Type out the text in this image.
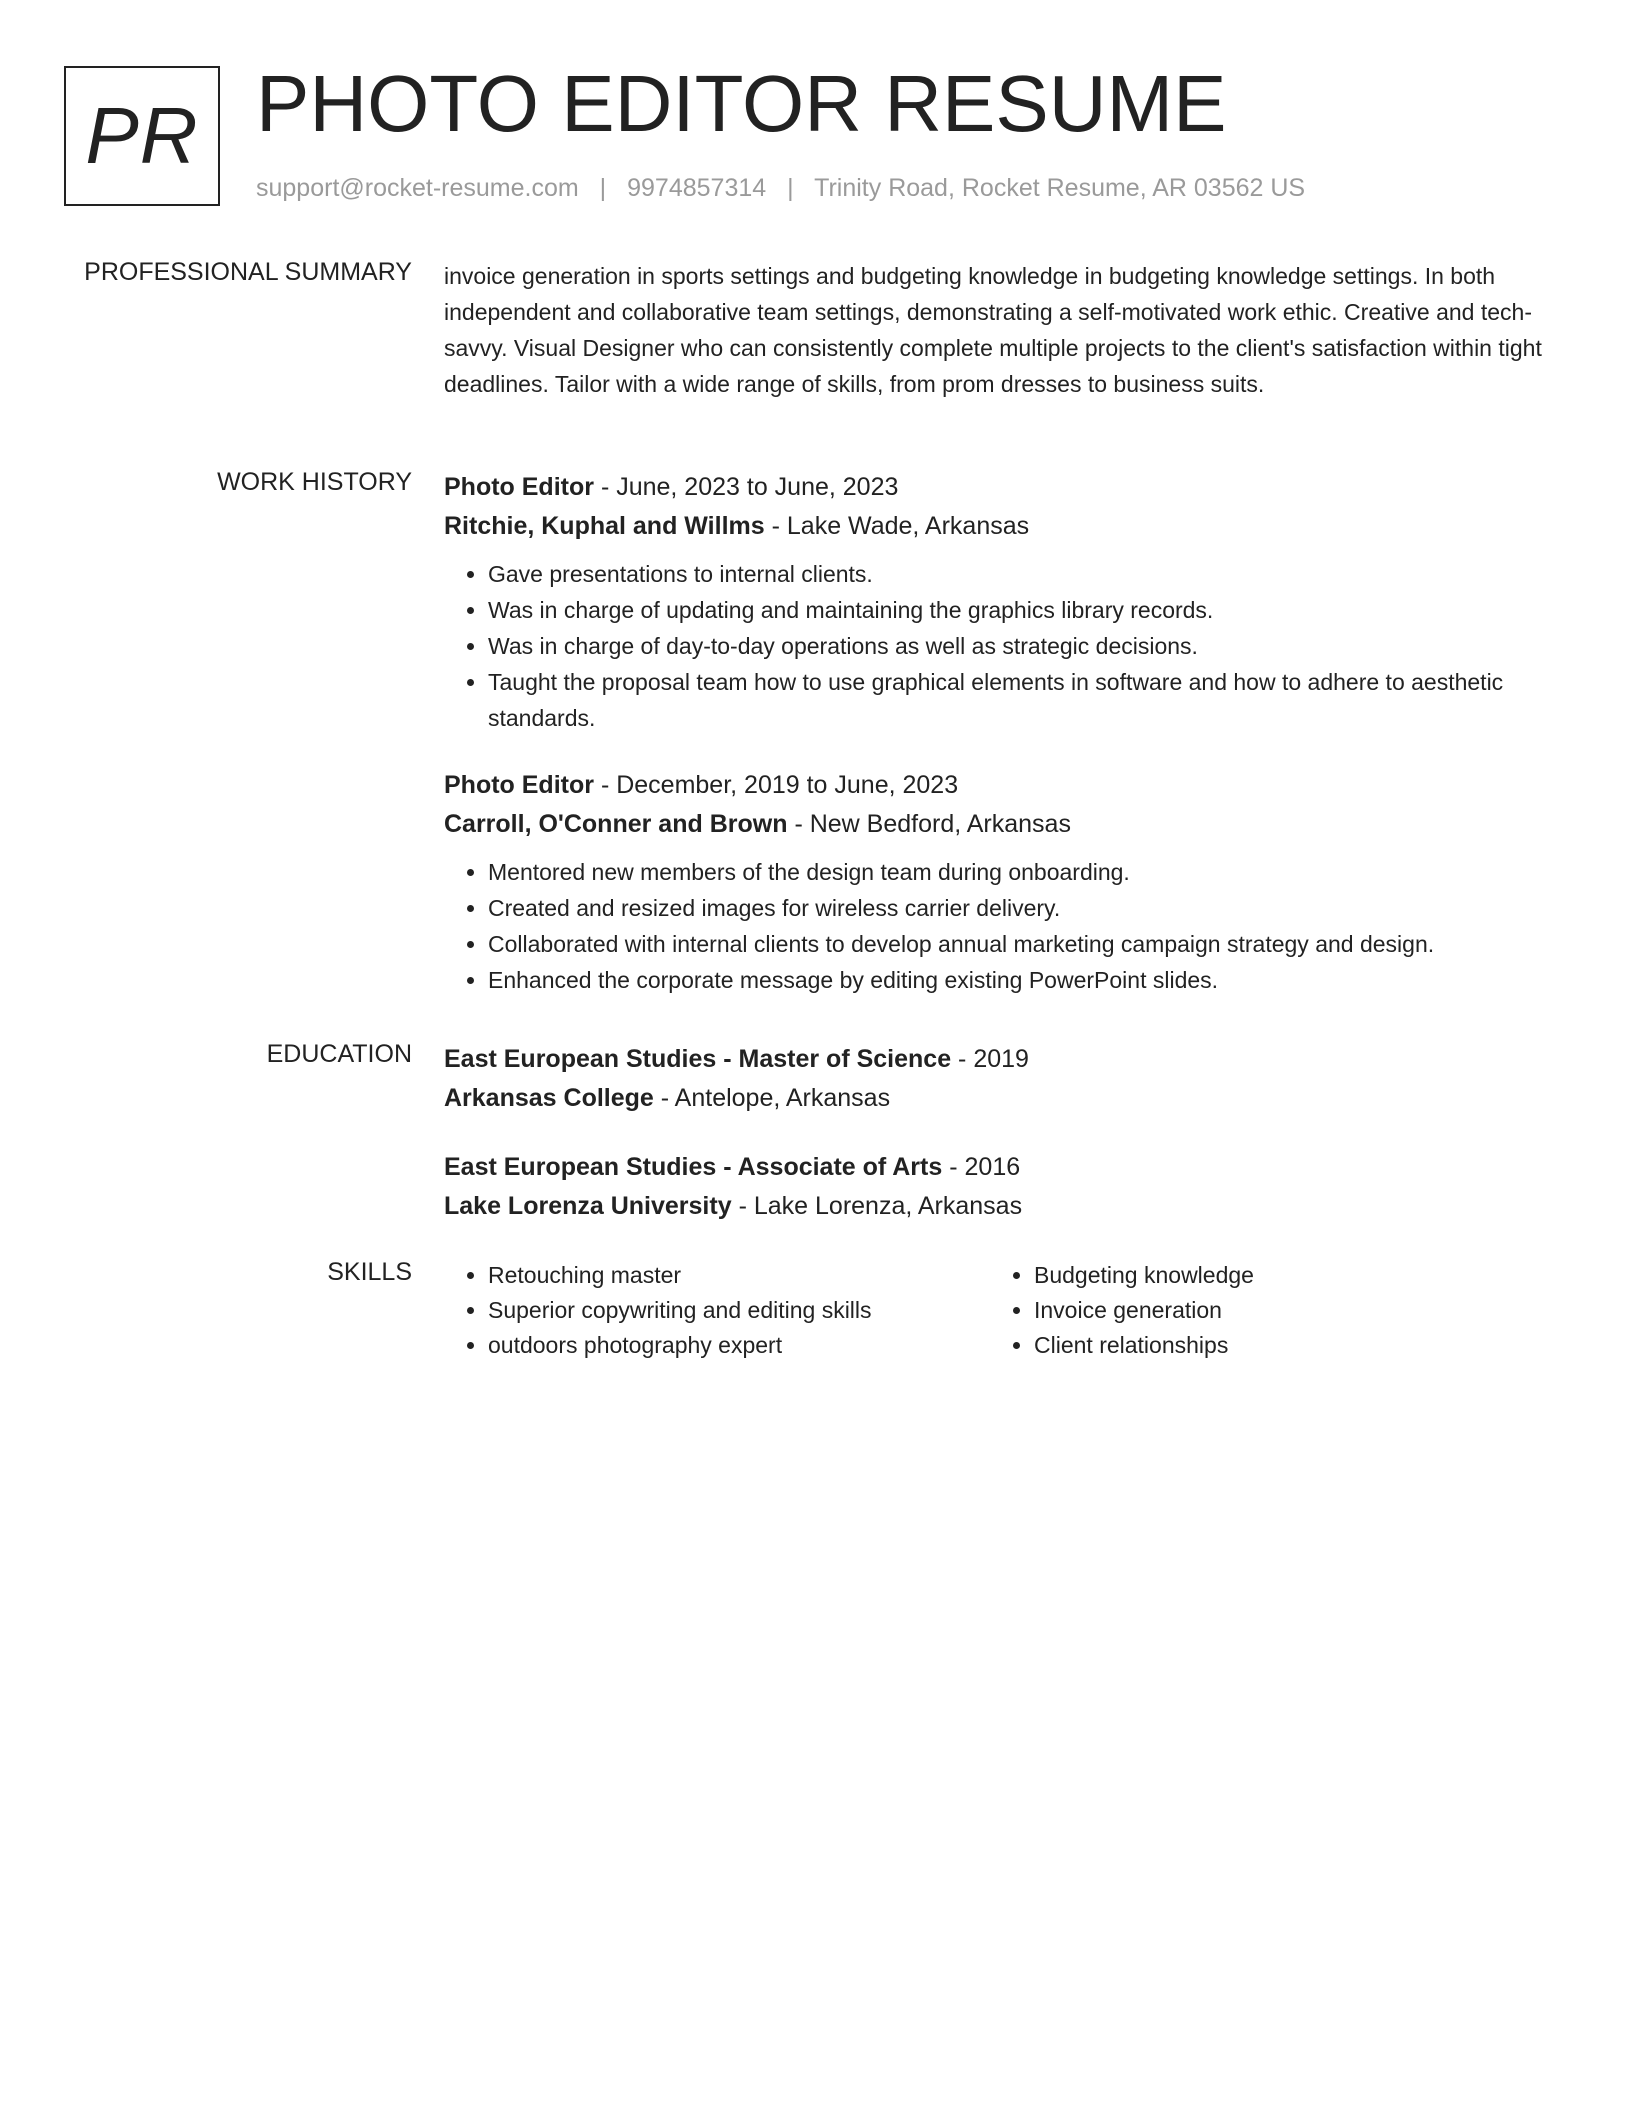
PR PHOTO EDITOR RESUME
support@rocket-resume.com | 9974857314 | Trinity Road, Rocket Resume, AR 03562 US
PROFESSIONAL SUMMARY invoice generation in sports settings and budgeting knowledge in budgeting knowledge settings. In both independent and collaborative team settings, demonstrating a self-motivated work ethic. Creative and tech-savvy. Visual Designer who can consistently complete multiple projects to the client's satisfaction within tight deadlines. Tailor with a wide range of skills, from prom dresses to business suits.

WORK HISTORY Photo Editor - June, 2023 to June, 2023
Ritchie, Kuphal and Willms - Lake Wade, Arkansas
• Gave presentations to internal clients.
• Was in charge of updating and maintaining the graphics library records.
• Was in charge of day-to-day operations as well as strategic decisions.
• Taught the proposal team how to use graphical elements in software and how to adhere to aesthetic standards.
Photo Editor - December, 2019 to June, 2023
Carroll, O'Conner and Brown - New Bedford, Arkansas
• Mentored new members of the design team during onboarding.
• Created and resized images for wireless carrier delivery.
• Collaborated with internal clients to develop annual marketing campaign strategy and design.
• Enhanced the corporate message by editing existing PowerPoint slides.
EDUCATION East European Studies - Master of Science - 2019
Arkansas College - Antelope, Arkansas
East European Studies - Associate of Arts - 2016
Lake Lorenza University - Lake Lorenza, Arkansas
SKILLS
•	Retouching master
• Superior copywriting and editing skills
• outdoors photography expert
• Budgeting knowledge
• Invoice generation
• Client relationships
